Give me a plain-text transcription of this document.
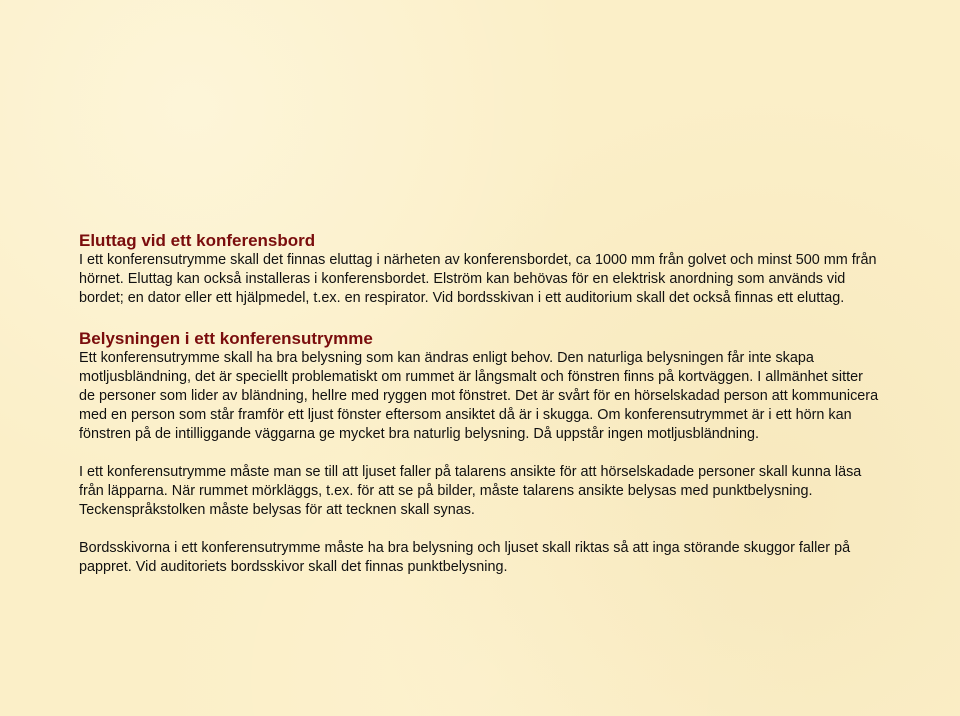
Eluttag vid ett konferensbord

I ett konferensutrymme skall det finnas eluttag i närheten av konferensbordet, ca 1000 mm från golvet och minst 500 mm från hörnet. Eluttag kan också installeras i konferensbordet. Elström kan behövas för en elektrisk anordning som används vid bordet; en dator eller ett hjälpmedel, t.ex. en respirator. Vid bordsskivan i ett auditorium skall det också finnas ett eluttag.

Belysningen i ett konferensutrymme

Ett konferensutrymme skall ha bra belysning som kan ändras enligt behov. Den naturliga belysningen får inte skapa motljusbländning, det är speciellt problematiskt om rummet är långsmalt och fönstren finns på kortväggen. I allmänhet sitter de personer som lider av bländning, hellre med ryggen mot fönstret. Det är svårt för en hörselskadad person att kommunicera med en person som står framför ett ljust fönster eftersom ansiktet då är i skugga. Om konferensutrymmet är i ett hörn kan fönstren på de intilliggande väggarna ge mycket bra naturlig belysning. Då uppstår ingen motljusbländning.

I ett konferensutrymme måste man se till att ljuset faller på talarens ansikte för att hörselskadade personer skall kunna läsa från läpparna. När rummet mörkläggs, t.ex. för att se på bilder, måste talarens ansikte belysas med punktbelysning. Teckenspråkstolken måste belysas för att tecknen skall synas.

Bordsskivorna i ett konferensutrymme måste ha bra belysning och ljuset skall riktas så att inga störande skuggor faller på pappret. Vid auditoriets bordsskivor skall det finnas punktbelysning.
